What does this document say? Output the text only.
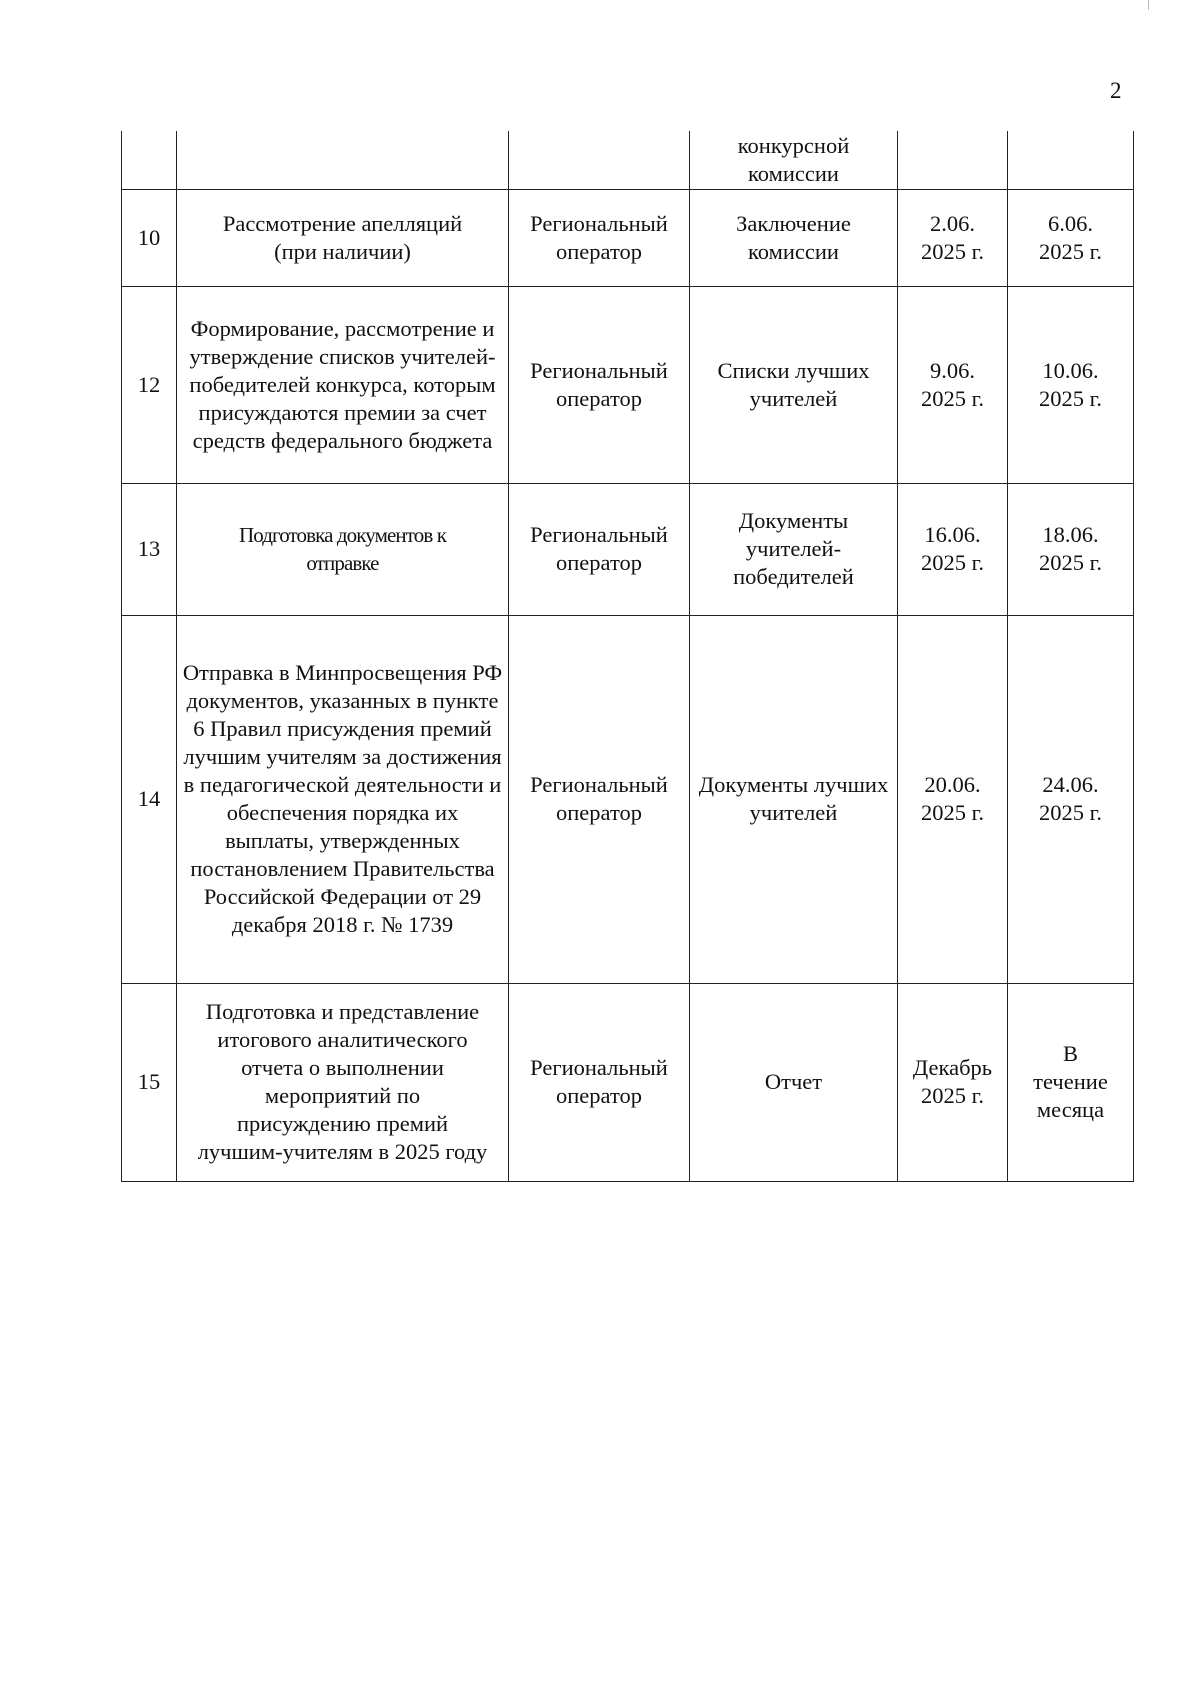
2

			конкурсной комиссии		

10	Рассмотрение апелляций (при наличии)	Региональный оператор	Заключение комиссии	2.06. 2025 г.	6.06. 2025 г.

12	Формирование, рассмотрение и утверждение списков учителей-победителей конкурса, которым присуждаются премии за счет средств федерального бюджета	Региональный оператор	Списки лучших учителей	9.06. 2025 г.	10.06. 2025 г.

13	Подготовка документов к отправке	Региональный оператор	Документы учителей-победителей	16.06. 2025 г.	18.06. 2025 г.

14	Отправка в Минпросвещения РФ документов, указанных в пункте 6 Правил присуждения премий лучшим учителям за достижения в педагогической деятельности и обеспечения порядка их выплаты, утвержденных постановлением Правительства Российской Федерации от 29 декабря 2018 г. № 1739	Региональный оператор	Документы лучших учителей	20.06. 2025 г.	24.06. 2025 г.

15	Подготовка и представление итогового аналитического отчета о выполнении мероприятий по присуждению премий лучшим-учителям в 2025 году	Региональный оператор	Отчет	Декабрь 2025 г.	В течение месяца
